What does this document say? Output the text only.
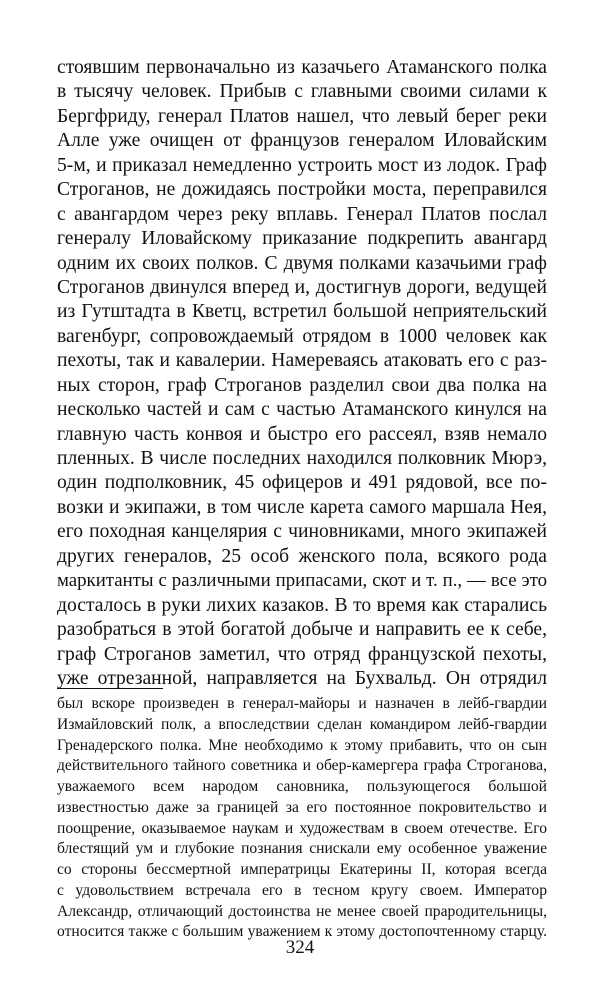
стоявшим первоначально из казачьего Атаманского полка
в тысячу человек. Прибыв с главными своими силами к
Бергфриду, генерал Платов нашел, что левый берег реки
Алле уже очищен от французов генералом Иловайским
5-м, и приказал немедленно устроить мост из лодок. Граф
Строганов, не дожидаясь постройки моста, переправился
с авангардом через реку вплавь. Генерал Платов послал
генералу Иловайскому приказание подкрепить авангард
одним их своих полков. С двумя полками казачьими граф
Строганов двинулся вперед и, достигнув дороги, ведущей
из Гутштадта в Кветц, встретил большой неприятельский
вагенбург, сопровождаемый отрядом в 1000 человек как
пехоты, так и кавалерии. Намереваясь атаковать его с раз-
ных сторон, граф Строганов разделил свои два полка на
несколько частей и сам с частью Атаманского кинулся на
главную часть конвоя и быстро его рассеял, взяв немало
пленных. В числе последних находился полковник Мюрэ,
один подполковник, 45 офицеров и 491 рядовой, все по-
возки и экипажи, в том числе карета самого маршала Нея,
его походная канцелярия с чиновниками, много экипажей
других генералов, 25 особ женского пола, всякого рода
маркитанты с различными припасами, скот и т. п., — все это
досталось в руки лихих казаков. В то время как старались
разобраться в этой богатой добыче и направить ее к себе,
граф Строганов заметил, что отряд французской пехоты,
уже отрезанной, направляется на Бухвальд. Он отрядил
был вскоре произведен в генерал-майоры и назначен в лейб-гвардии
Измайловский полк, а впоследствии сделан командиром лейб-гвардии
Гренадерского полка. Мне необходимо к этому прибавить, что он сын
действительного тайного советника и обер-камергера графа Строганова,
уважаемого всем народом сановника, пользующегося большой
известностью даже за границей за его постоянное покровительство и
поощрение, оказываемое наукам и художествам в своем отечестве. Его
блестящий ум и глубокие познания снискали ему особенное уважение
со стороны бессмертной императрицы Екатерины II, которая всегда
с удовольствием встречала его в тесном кругу своем. Император
Александр, отличающий достоинства не менее своей прародительницы,
относится также с большим уважением к этому достопочтенному старцу.
324
